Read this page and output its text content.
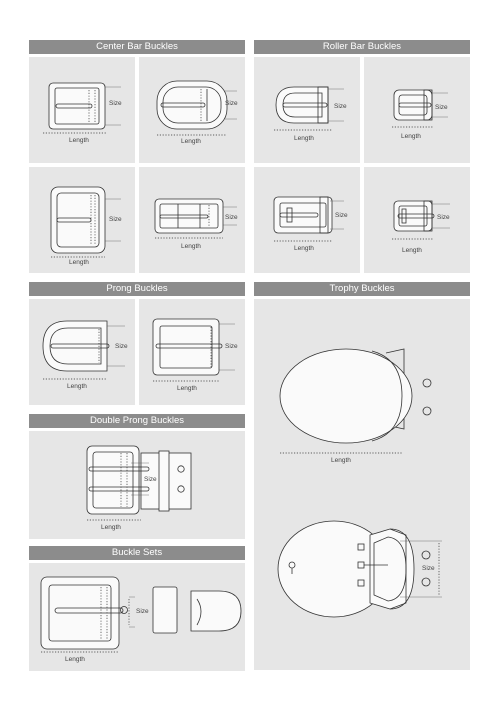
Center Bar Buckles	Roller Bar Buckles
Prong Buckles	Trophy Buckles
Double Prong Buckles
Buckle Sets
Size
Length
Size
Length
Size
Length
Size
Length
Size
Length
Size
Length
Size
Length
Size
Length
Size
Length
Size
Length
Size
Length
Size
Length
Length
Size
